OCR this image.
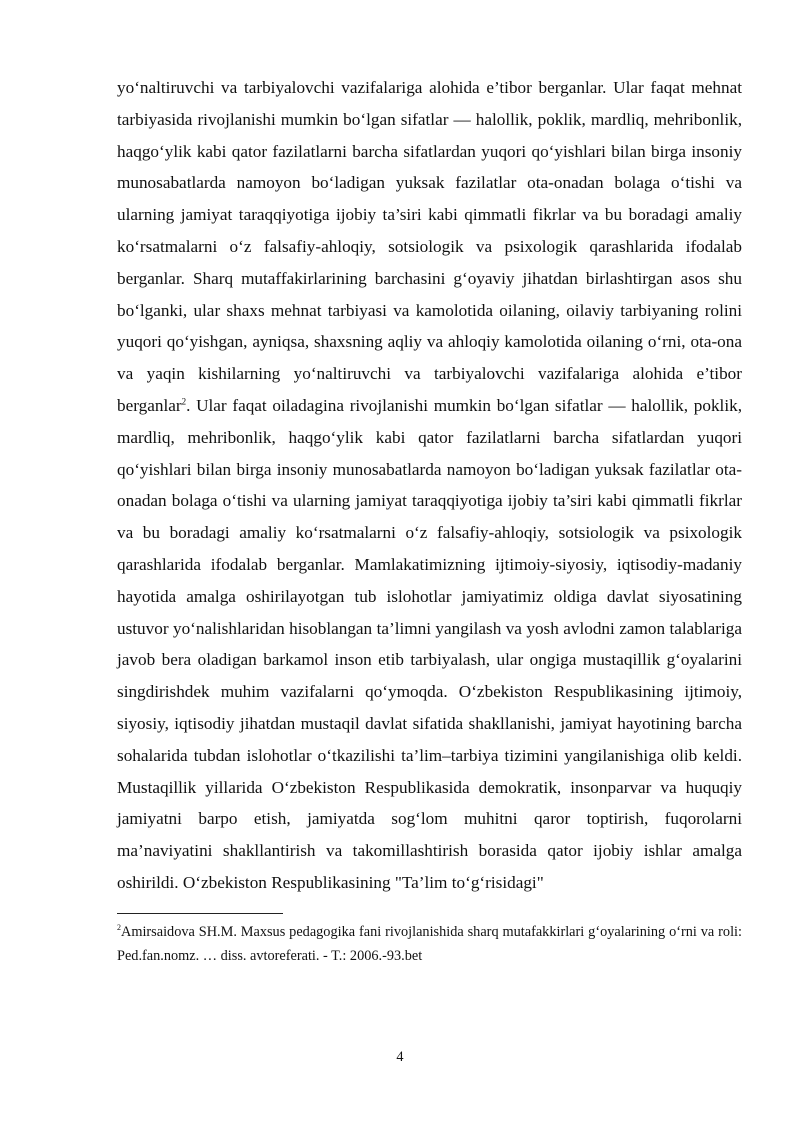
yo‘naltiruvchi va tarbiyalovchi vazifalariga alohida e’tibor berganlar. Ular faqat mehnat tarbiyasida rivojlanishi mumkin bo‘lgan sifatlar — halollik, poklik, mardliq, mehribonlik, haqgo‘ylik kabi qator fazilatlarni barcha sifatlardan yuqori qo‘yishlari bilan birga insoniy munosabatlarda namoyon bo‘ladigan yuksak fazilatlar ota-onadan bolaga o‘tishi va ularning jamiyat taraqqiyotiga ijobiy ta’siri kabi qimmatli fikrlar va bu boradagi amaliy ko‘rsatmalarni o‘z falsafiy-ahloqiy, sotsiologik va psixologik qarashlarida ifodalab berganlar. Sharq mutaffakirlarining barchasini g‘oyaviy jihatdan birlashtirgan asos shu bo‘lganki, ular shaxs mehnat tarbiyasi va kamolotida oilaning, oilaviy tarbiyaning rolini yuqori qo‘yishgan, ayniqsa, shaxsning aqliy va ahloqiy kamolotida oilaning o‘rni, ota-ona va yaqin kishilarning yo‘naltiruvchi va tarbiyalovchi vazifalariga alohida e’tibor berganlar$^2$. Ular faqat oiladagina rivojlanishi mumkin bo‘lgan sifatlar — halollik, poklik, mardliq, mehribonlik, haqgo‘ylik kabi qator fazilatlarni barcha sifatlardan yuqori qo‘yishlari bilan birga insoniy munosabatlarda namoyon bo‘ladigan yuksak fazilatlar ota-onadan bolaga o‘tishi va ularning jamiyat taraqqiyotiga ijobiy ta’siri kabi qimmatli fikrlar va bu boradagi amaliy ko‘rsatmalarni o‘z falsafiy-ahloqiy, sotsiologik va psixologik qarashlarida ifodalab berganlar. Mamlakatimizning ijtimoiy-siyosiy, iqtisodiy-madaniy hayotida amalga oshirilayotgan tub islohotlar jamiyatimiz oldiga davlat siyosatining ustuvor yo‘nalishlaridan hisoblangan ta’limni yangilash va yosh avlodni zamon talablariga javob bera oladigan barkamol inson etib tarbiyalash, ular ongiga mustaqillik g‘oyalarini singdirishdek muhim vazifalarni qo‘ymoqda. O‘zbekiston Respublikasining ijtimoiy, siyosiy, iqtisodiy jihatdan mustaqil davlat sifatida shakllanishi, jamiyat hayotining barcha sohalarida tubdan islohotlar o‘tkazilishi ta’lim–tarbiya tizimini yangilanishiga olib keldi. Mustaqillik yillarida O‘zbekiston Respublikasida demokratik, insonparvar va huquqiy jamiyatni barpo etish, jamiyatda sog‘lom muhitni qaror toptirish, fuqorolarni ma’naviyatini shakllantirish va takomillashtirish borasida qator ijobiy ishlar amalga oshirildi. O‘zbekiston Respublikasining "Ta’lim to‘g‘risidagi"

$^2$Amirsaidova SH.M. Maxsus pedagogika fani rivojlanishida sharq mutafakkirlari g‘oyalarining o‘rni va roli: Ped.fan.nomz. … diss. avtoreferati. - T.: 2006.-93.bet

4
